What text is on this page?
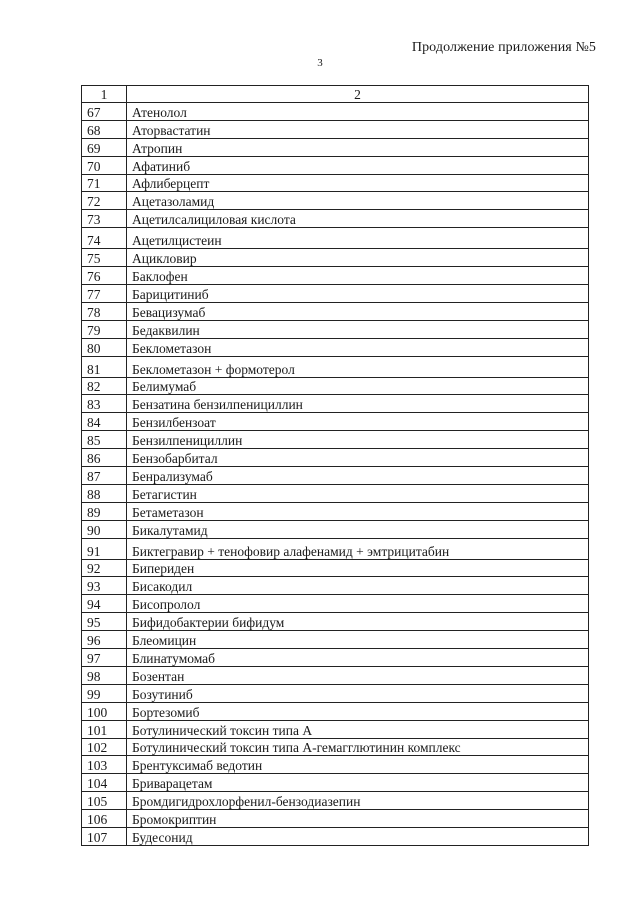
Продолжение приложения №5
3
1	2
67	Атенолол
68	Аторвастатин
69	Атропин
70	Афатиниб
71	Афлиберцепт
72	Ацетазоламид
73	Ацетилсалициловая кислота
74	Ацетилцистеин
75	Ацикловир
76	Баклофен
77	Барицитиниб
78	Бевацизумаб
79	Бедаквилин
80	Беклометазон
81	Беклометазон + формотерол
82	Белимумаб
83	Бензатина бензилпенициллин
84	Бензилбензоат
85	Бензилпенициллин
86	Бензобарбитал
87	Бенрализумаб
88	Бетагистин
89	Бетаметазон
90	Бикалутамид
91	Биктегравир + тенофовир алафенамид + эмтрицитабин
92	Бипериден
93	Бисакодил
94	Бисопролол
95	Бифидобактерии бифидум
96	Блеомицин
97	Блинатумомаб
98	Бозентан
99	Бозутиниб
100	Бортезомиб
101	Ботулинический токсин типа А
102	Ботулинический токсин типа А-гемагглютинин комплекс
103	Брентуксимаб ведотин
104	Бриварацетам
105	Бромдигидрохлорфенил-бензодиазепин
106	Бромокриптин
107	Будесонид
